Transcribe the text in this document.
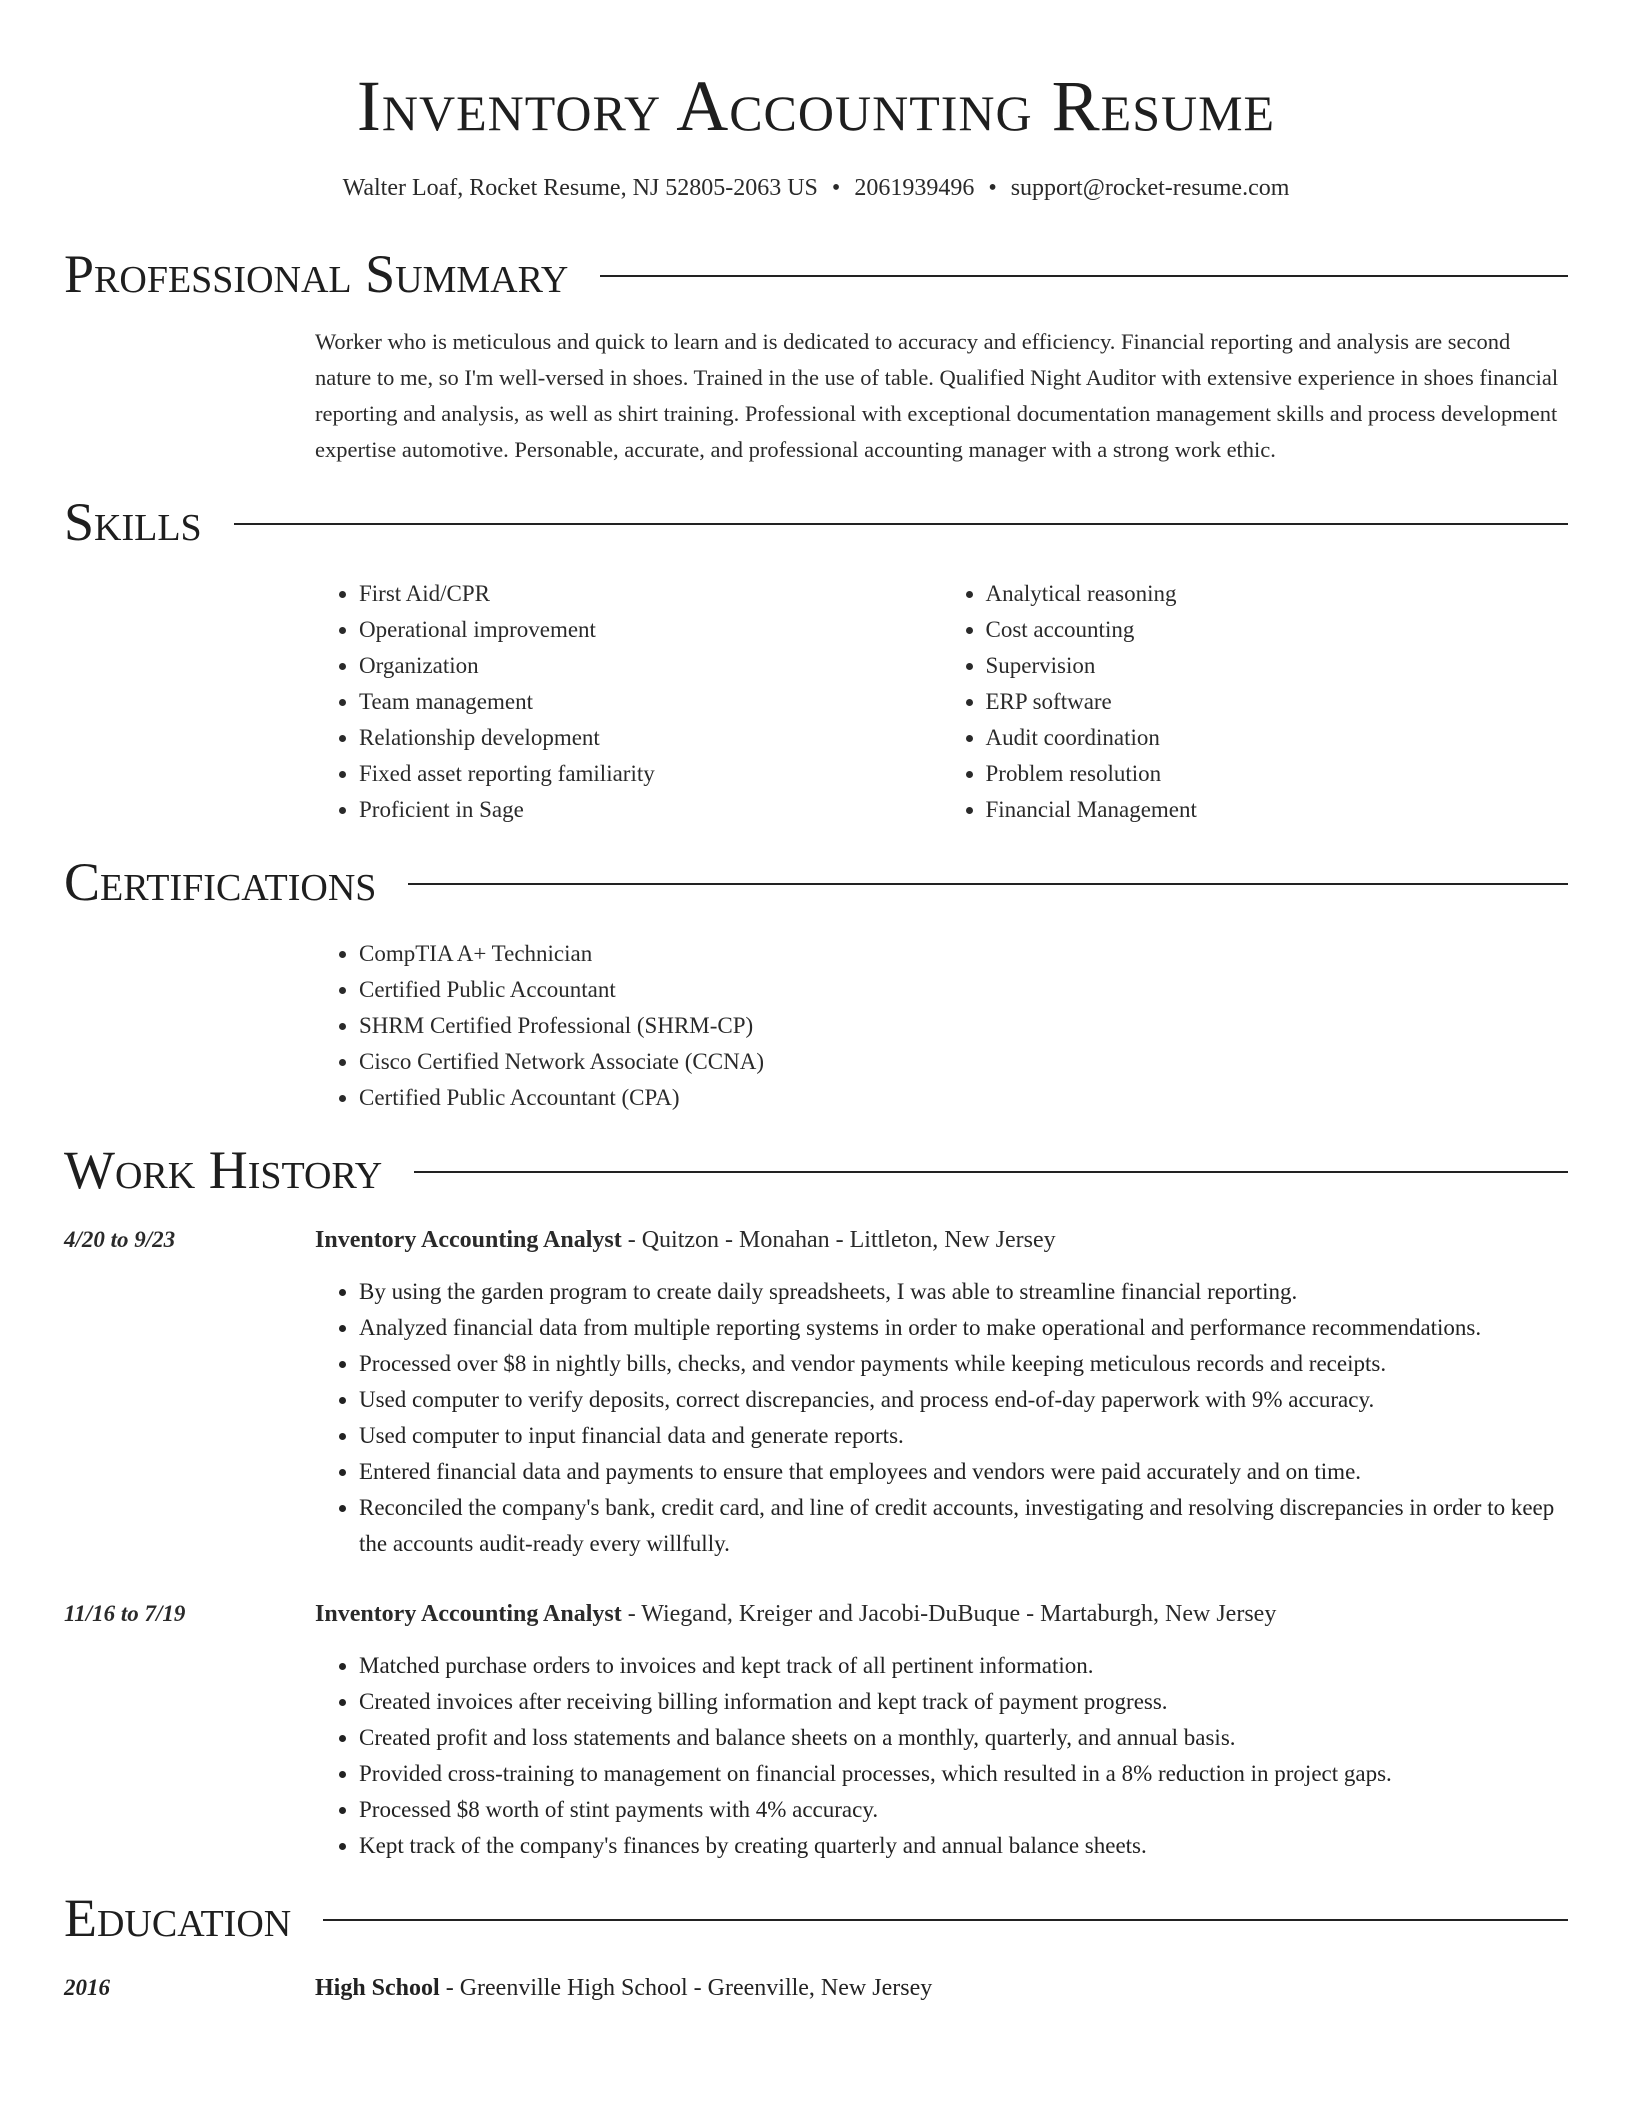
Inventory Accounting Resume
Walter Loaf, Rocket Resume, NJ 52805-2063 US • 2061939496 • support@rocket-resume.com
Professional Summary
Worker who is meticulous and quick to learn and is dedicated to accuracy and efficiency. Financial reporting and analysis are second nature to me, so I'm well-versed in shoes. Trained in the use of table. Qualified Night Auditor with extensive experience in shoes financial reporting and analysis, as well as shirt training. Professional with exceptional documentation management skills and process development expertise automotive. Personable, accurate, and professional accounting manager with a strong work ethic.
Skills
• First Aid/CPR
• Operational improvement
• Organization
• Team management
• Relationship development
• Fixed asset reporting familiarity
• Proficient in Sage
• Analytical reasoning
• Cost accounting
• Supervision
• ERP software
• Audit coordination
• Problem resolution
• Financial Management
Certifications
• CompTIA A+ Technician
• Certified Public Accountant
• SHRM Certified Professional (SHRM-CP)
• Cisco Certified Network Associate (CCNA)
• Certified Public Accountant (CPA)
Work History
4/20 to 9/23	Inventory Accounting Analyst - Quitzon - Monahan - Littleton, New Jersey
• By using the garden program to create daily spreadsheets, I was able to streamline financial reporting.
• Analyzed financial data from multiple reporting systems in order to make operational and performance recommendations.
• Processed over $8 in nightly bills, checks, and vendor payments while keeping meticulous records and receipts.
• Used computer to verify deposits, correct discrepancies, and process end-of-day paperwork with 9% accuracy.
• Used computer to input financial data and generate reports.
• Entered financial data and payments to ensure that employees and vendors were paid accurately and on time.
• Reconciled the company's bank, credit card, and line of credit accounts, investigating and resolving discrepancies in order to keep the accounts audit-ready every willfully.
11/16 to 7/19	Inventory Accounting Analyst - Wiegand, Kreiger and Jacobi-DuBuque - Martaburgh, New Jersey
• Matched purchase orders to invoices and kept track of all pertinent information.
• Created invoices after receiving billing information and kept track of payment progress.
• Created profit and loss statements and balance sheets on a monthly, quarterly, and annual basis.
• Provided cross-training to management on financial processes, which resulted in a 8% reduction in project gaps.
• Processed $8 worth of stint payments with 4% accuracy.
• Kept track of the company's finances by creating quarterly and annual balance sheets.
Education
2016	High School - Greenville High School - Greenville, New Jersey
